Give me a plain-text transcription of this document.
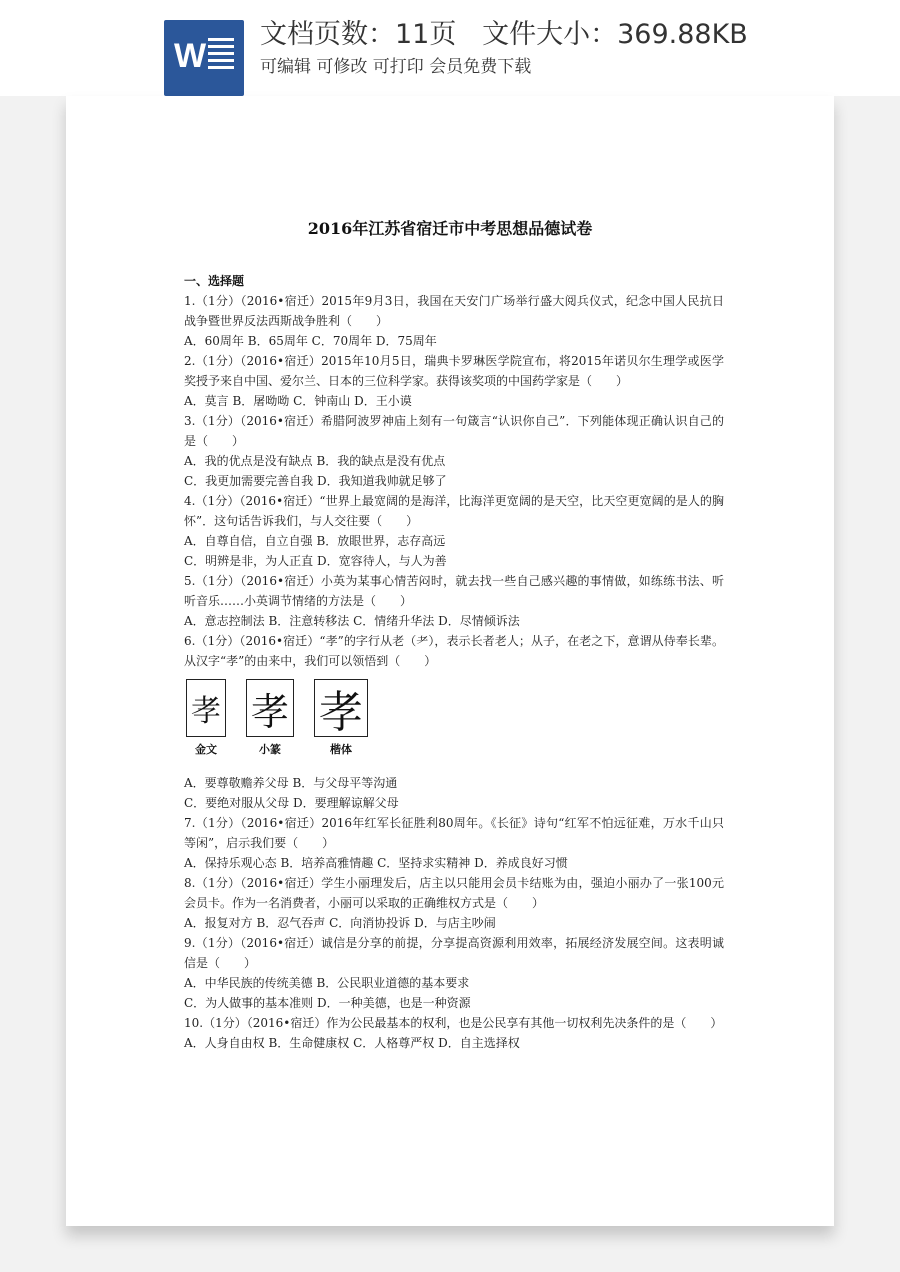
W
文档页数：11页   文件大小：369.88KB
可编辑 可修改 可打印 会员免费下载
2016年江苏省宿迁市中考思想品德试卷
一、选择题
1.（1分）（2016•宿迁）2015年9月3日，我国在天安门广场举行盛大阅兵仪式，纪念中国人民抗日战争暨世界反法西斯战争胜利（　　）
A．60周年 B．65周年 C．70周年 D．75周年
2.（1分）（2016•宿迁）2015年10月5日，瑞典卡罗琳医学院宣布，将2015年诺贝尔生理学或医学奖授予来自中国、爱尔兰、日本的三位科学家。获得该奖项的中国药学家是（　　）
A．莫言 B．屠呦呦 C．钟南山 D．王小谟
3.（1分）（2016•宿迁）希腊阿波罗神庙上刻有一句箴言“认识你自己”．下列能体现正确认识自己的是（　　）
A．我的优点是没有缺点 B．我的缺点是没有优点
C．我更加需要完善自我 D．我知道我帅就足够了
4.（1分）（2016•宿迁）“世界上最宽阔的是海洋，比海洋更宽阔的是天空，比天空更宽阔的是人的胸怀”．这句话告诉我们，与人交往要（　　）
A．自尊自信，自立自强 B．放眼世界，志存高远
C．明辨是非，为人正直 D．宽容待人，与人为善
5.（1分）（2016•宿迁）小英为某事心情苦闷时，就去找一些自己感兴趣的事情做，如练练书法、听听音乐……小英调节情绪的方法是（　　）
A．意志控制法 B．注意转移法 C．情绪升华法 D．尽情倾诉法
6.（1分）（2016•宿迁）“孝”的字行从老（耂），表示长者老人；从子，在老之下，意谓从侍奉长辈。从汉字“孝”的由来中，我们可以领悟到（　　）
孝
金文
孝
小篆
孝
楷体
A．要尊敬赡养父母 B．与父母平等沟通
C．要绝对服从父母 D．要理解谅解父母
7.（1分）（2016•宿迁）2016年红军长征胜利80周年。《长征》诗句“红军不怕远征难，万水千山只等闲”，启示我们要（　　）
A．保持乐观心态 B．培养高雅情趣 C．坚持求实精神 D．养成良好习惯
8.（1分）（2016•宿迁）学生小丽理发后，店主以只能用会员卡结账为由，强迫小丽办了一张100元会员卡。作为一名消费者，小丽可以采取的正确维权方式是（　　）
A．报复对方 B．忍气吞声 C．向消协投诉 D．与店主吵闹
9.（1分）（2016•宿迁）诚信是分享的前提，分享提高资源利用效率，拓展经济发展空间。这表明诚信是（　　）
A．中华民族的传统美德 B．公民职业道德的基本要求
C．为人做事的基本准则 D．一种美德，也是一种资源
10.（1分）（2016•宿迁）作为公民最基本的权利，也是公民享有其他一切权利先决条件的是（　　）
A．人身自由权 B．生命健康权 C．人格尊严权 D．自主选择权
